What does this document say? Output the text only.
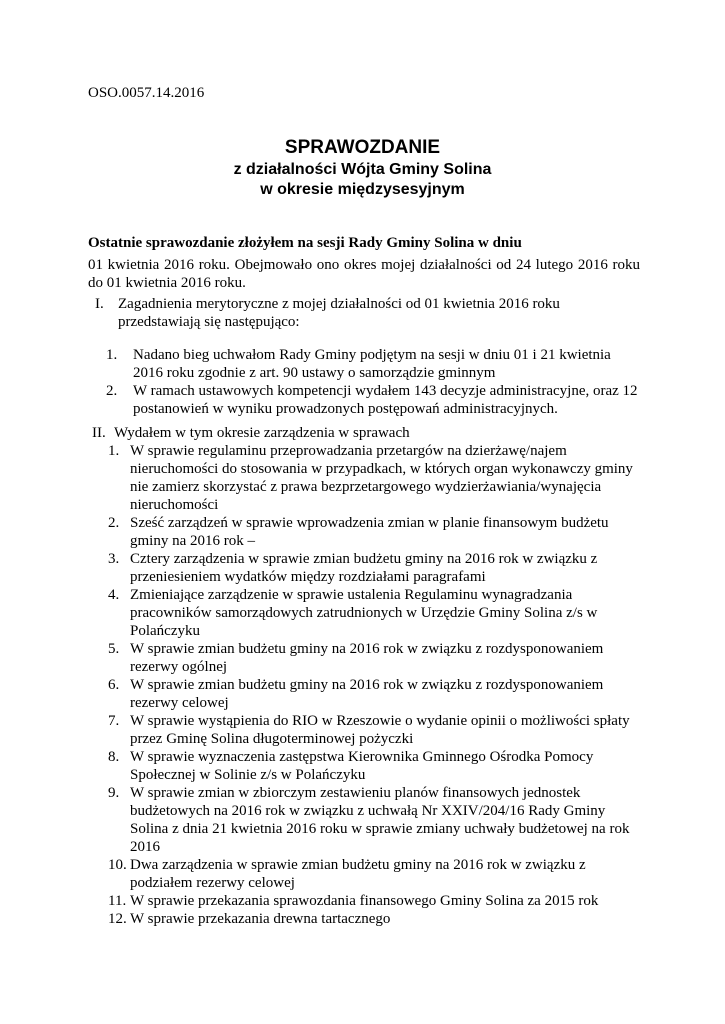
OSO.0057.14.2016
SPRAWOZDANIE
z działalności Wójta Gminy Solina
w okresie międzysesyjnym
Ostatnie sprawozdanie złożyłem na sesji Rady Gminy Solina w dniu
01 kwietnia 2016 roku. Obejmowało ono okres mojej działalności od 24 lutego 2016 roku do 01 kwietnia 2016 roku.
I. Zagadnienia merytoryczne z mojej działalności od 01 kwietnia 2016 roku przedstawiają się następująco:
1. Nadano bieg uchwałom Rady Gminy podjętym na sesji w dniu 01 i 21 kwietnia 2016 roku zgodnie z art. 90 ustawy o samorządzie gminnym
2. W ramach ustawowych kompetencji wydałem 143 decyzje administracyjne, oraz 12 postanowień w wyniku prowadzonych postępowań administracyjnych.
II. Wydałem w tym okresie zarządzenia w sprawach
1. W sprawie regulaminu przeprowadzania przetargów na dzierżawę/najem nieruchomości do stosowania w przypadkach, w których organ wykonawczy gminy nie zamierz skorzystać z prawa bezprzetargowego wydzierżawiania/wynajęcia nieruchomości
2. Sześć zarządzeń w sprawie wprowadzenia zmian w planie finansowym budżetu gminy na 2016 rok –
3. Cztery zarządzenia w sprawie zmian budżetu gminy na 2016 rok w związku z przeniesieniem wydatków między rozdziałami paragrafami
4. Zmieniające zarządzenie w sprawie ustalenia Regulaminu wynagradzania pracowników samorządowych zatrudnionych w Urzędzie Gminy Solina z/s w Polańczyku
5. W sprawie zmian budżetu gminy na 2016 rok w związku z rozdysponowaniem rezerwy ogólnej
6. W sprawie zmian budżetu gminy na 2016 rok w związku z rozdysponowaniem rezerwy celowej
7. W sprawie wystąpienia do RIO w Rzeszowie o wydanie opinii o możliwości spłaty przez Gminę Solina długoterminowej pożyczki
8. W sprawie wyznaczenia zastępstwa Kierownika Gminnego Ośrodka Pomocy Społecznej w Solinie z/s w Polańczyku
9. W sprawie zmian w zbiorczym zestawieniu planów finansowych jednostek budżetowych na 2016 rok w związku z uchwałą Nr XXIV/204/16 Rady Gminy Solina z dnia 21 kwietnia 2016 roku w sprawie zmiany uchwały budżetowej na rok 2016
10. Dwa zarządzenia w sprawie zmian budżetu gminy na 2016 rok w związku z podziałem rezerwy celowej
11. W sprawie przekazania sprawozdania finansowego Gminy Solina za 2015 rok
12. W sprawie przekazania drewna tartacznego
